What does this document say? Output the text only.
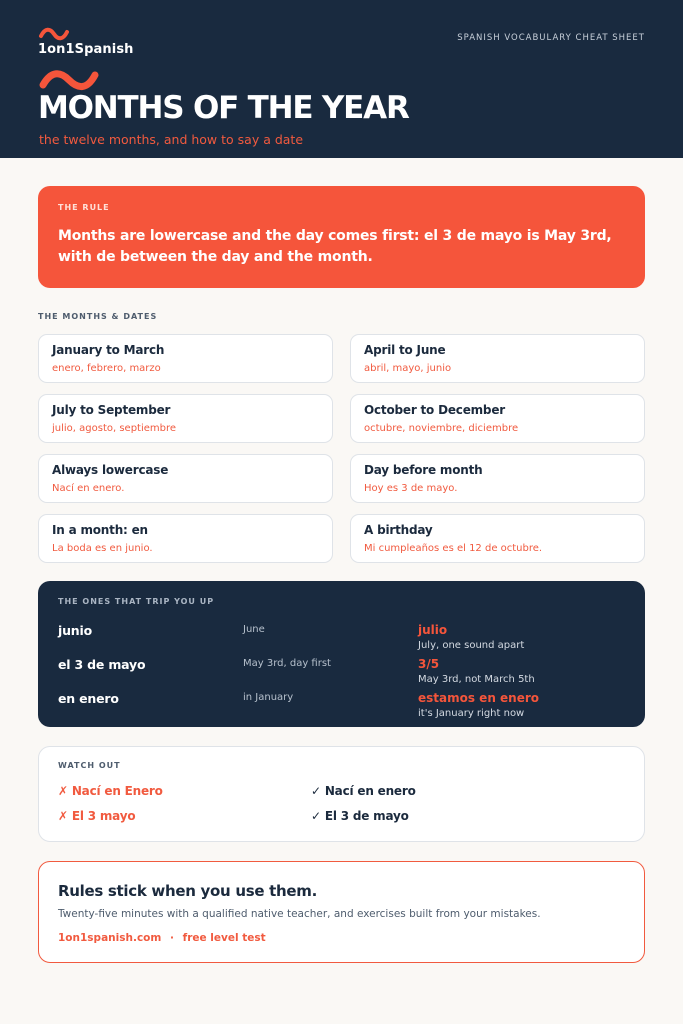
1on1Spanish
SPANISH VOCABULARY CHEAT SHEET
MONTHS OF THE YEAR
the twelve months, and how to say a date
THE RULE
Months are lowercase and the day comes first: el 3 de mayo is May 3rd, with de between the day and the month.
THE MONTHS & DATES
January to March
enero, febrero, marzo
April to June
abril, mayo, junio
July to September
julio, agosto, septiembre
October to December
octubre, noviembre, diciembre
Always lowercase
Nací en enero.
Day before month
Hoy es 3 de mayo.
In a month: en
La boda es en junio.
A birthday
Mi cumpleaños es el 12 de octubre.
THE ONES THAT TRIP YOU UP
junio	June	julio
July, one sound apart
el 3 de mayo	May 3rd, day first	3/5
May 3rd, not March 5th
en enero	in January	estamos en enero
it's January right now
WATCH OUT
✗ Nací en Enero	✓ Nací en enero
✗ El 3 mayo	✓ El 3 de mayo
Rules stick when you use them.
Twenty-five minutes with a qualified native teacher, and exercises built from your mistakes.
1on1spanish.com · free level test
